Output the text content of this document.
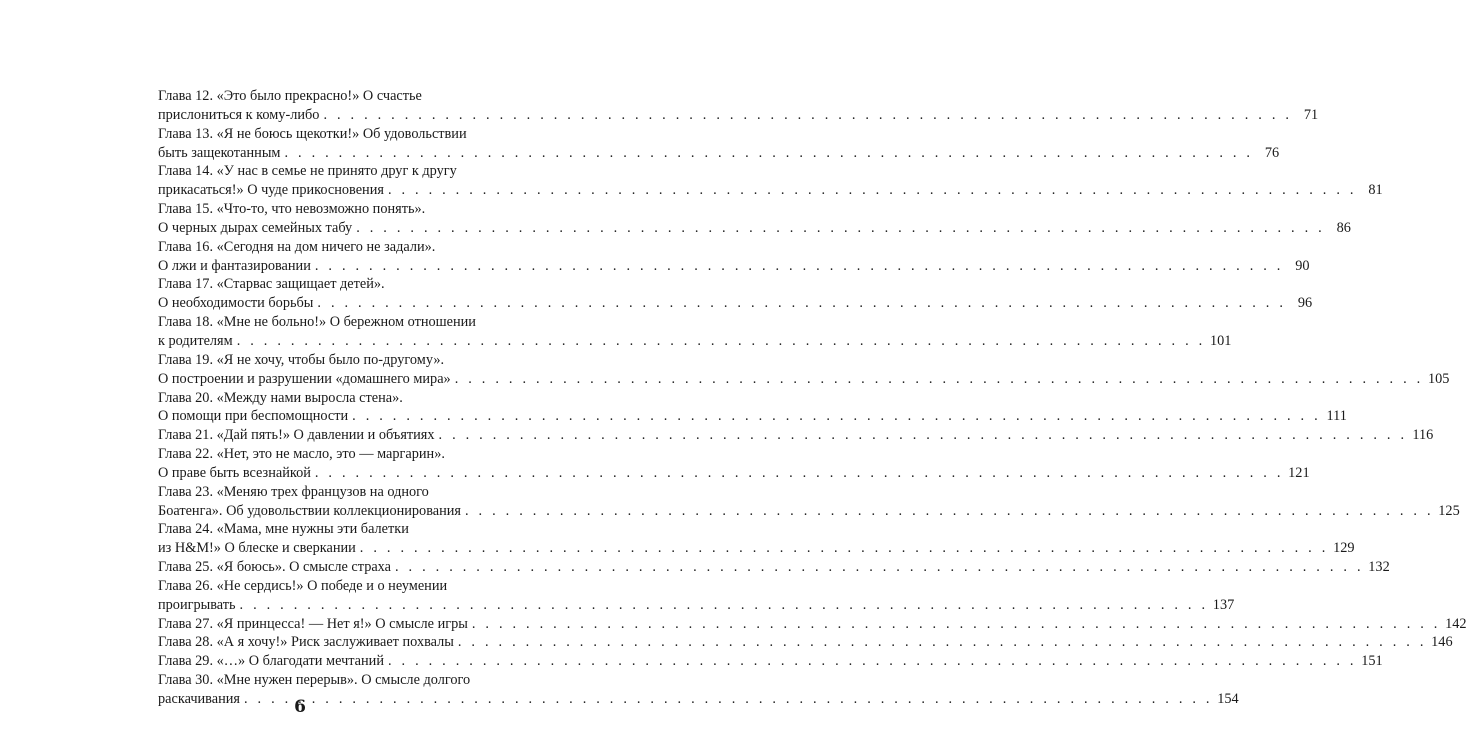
Глава 12. «Это было прекрасно!» О счастье
прислониться к кому-либо . . .	71
Глава 13. «Я не боюсь щекотки!» Об удовольствии
быть защекотанным . . .	76
Глава 14. «У нас в семье не принято друг к другу
прикасаться!» О чуде прикосновения . . .	81
Глава 15. «Что-то, что невозможно понять».
О черных дырах семейных табу . . .	86
Глава 16. «Сегодня на дом ничего не задали».
О лжи и фантазировании . . .	90
Глава 17. «Старвас защищает детей».
О необходимости борьбы . . .	96
Глава 18. «Мне не больно!» О бережном отношении
к родителям . . .	101
Глава 19. «Я не хочу, чтобы было по-другому».
О построении и разрушении «домашнего мира» . . .	105
Глава 20. «Между нами выросла стена».
О помощи при беспомощности . . .	111
Глава 21. «Дай пять!» О давлении и объятиях . . .	116
Глава 22. «Нет, это не масло, это — маргарин».
О праве быть всезнайкой . . .	121
Глава 23. «Меняю трех французов на одного
Боатенга». Об удовольствии коллекционирования . . .	125
Глава 24. «Мама, мне нужны эти балетки
из H&M!» О блеске и сверкании . . .	129
Глава 25. «Я боюсь». О смысле страха . . .	132
Глава 26. «Не сердись!» О победе и о неумении
проигрывать . . .	137
Глава 27. «Я принцесса! — Нет я!» О смысле игры . . .	142
Глава 28. «А я хочу!» Риск заслуживает похвалы . . .	146
Глава 29. «…» О благодати мечтаний . . .	151
Глава 30. «Мне нужен перерыв». О смысле долгого
раскачивания . . .	154
6
